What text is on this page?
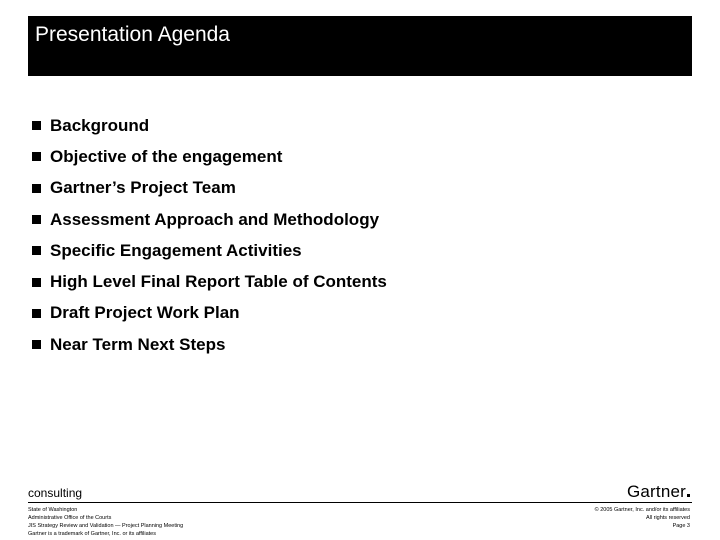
Presentation Agenda
Background
Objective of the engagement
Gartner’s Project Team
Assessment Approach and Methodology
Specific Engagement Activities
High Level Final Report Table of Contents
Draft Project Work Plan
Near Term Next Steps
consulting	Gartner
State of Washington
Administrative Office of the Courts
JIS Strategy Review and Validation — Project Planning Meeting
Gartner is a trademark of Gartner, Inc. or its affiliates
© 2005 Gartner, Inc. and/or its affiliates
All rights reserved
Page 3
